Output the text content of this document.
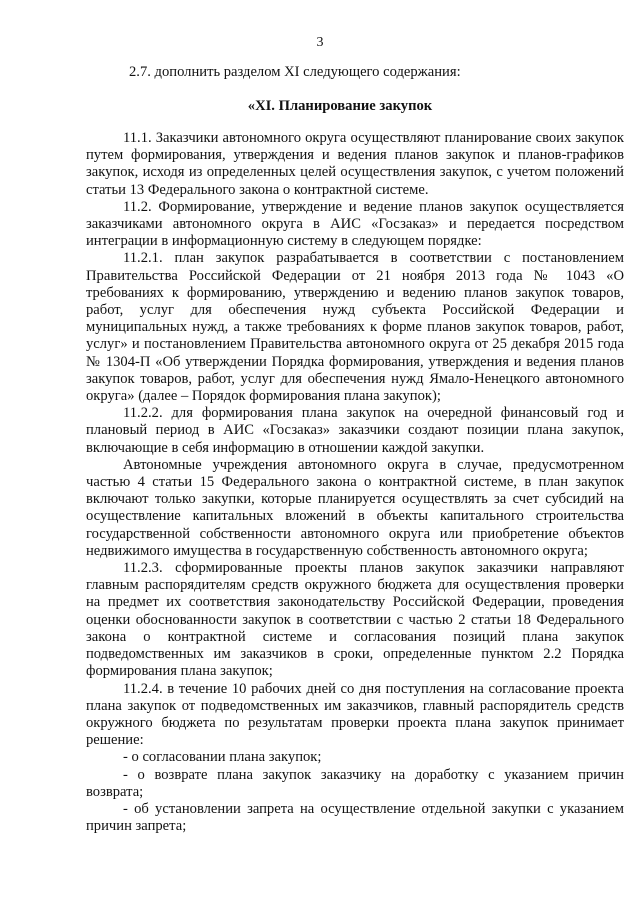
3
2.7. дополнить разделом XI следующего содержания:
«XI. Планирование закупок

11.1. Заказчики автономного округа осуществляют планирование своих закупок путем формирования, утверждения и ведения планов закупок и планов-графиков закупок, исходя из определенных целей осуществления закупок, с учетом положений статьи 13 Федерального закона о контрактной системе.

11.2. Формирование, утверждение и ведение планов закупок осуществляется заказчиками автономного округа в АИС «Госзаказ» и передается посредством интеграции в информационную систему в следующем порядке:

11.2.1. план закупок разрабатывается в соответствии с постановлением Правительства Российской Федерации от 21 ноября 2013 года № 1043 «О требованиях к формированию, утверждению и ведению планов закупок товаров, работ, услуг для обеспечения нужд субъекта Российской Федерации и муниципальных нужд, а также требованиях к форме планов закупок товаров, работ, услуг» и постановлением Правительства автономного округа от 25 декабря 2015 года № 1304-П «Об утверждении Порядка формирования, утверждения и ведения планов закупок товаров, работ, услуг для обеспечения нужд Ямало-Ненецкого автономного округа» (далее – Порядок формирования плана закупок);

11.2.2. для формирования плана закупок на очередной финансовый год и плановый период в АИС «Госзаказ» заказчики создают позиции плана закупок, включающие в себя информацию в отношении каждой закупки.

Автономные учреждения автономного округа в случае, предусмотренном частью 4 статьи 15 Федерального закона о контрактной системе, в план закупок включают только закупки, которые планируется осуществлять за счет субсидий на осуществление капитальных вложений в объекты капитального строительства государственной собственности автономного округа или приобретение объектов недвижимого имущества в государственную собственность автономного округа;

11.2.3. сформированные проекты планов закупок заказчики направляют главным распорядителям средств окружного бюджета для осуществления проверки на предмет их соответствия законодательству Российской Федерации, проведения оценки обоснованности закупок в соответствии с частью 2 статьи 18 Федерального закона о контрактной системе и согласования позиций плана закупок подведомственных им заказчиков в сроки, определенные пунктом 2.2 Порядка формирования плана закупок;

11.2.4. в течение 10 рабочих дней со дня поступления на согласование проекта плана закупок от подведомственных им заказчиков, главный распорядитель средств окружного бюджета по результатам проверки проекта плана закупок принимает решение:

- о согласовании плана закупок;

- о возврате плана закупок заказчику на доработку с указанием причин возврата;

- об установлении запрета на осуществление отдельной закупки с указанием причин запрета;
